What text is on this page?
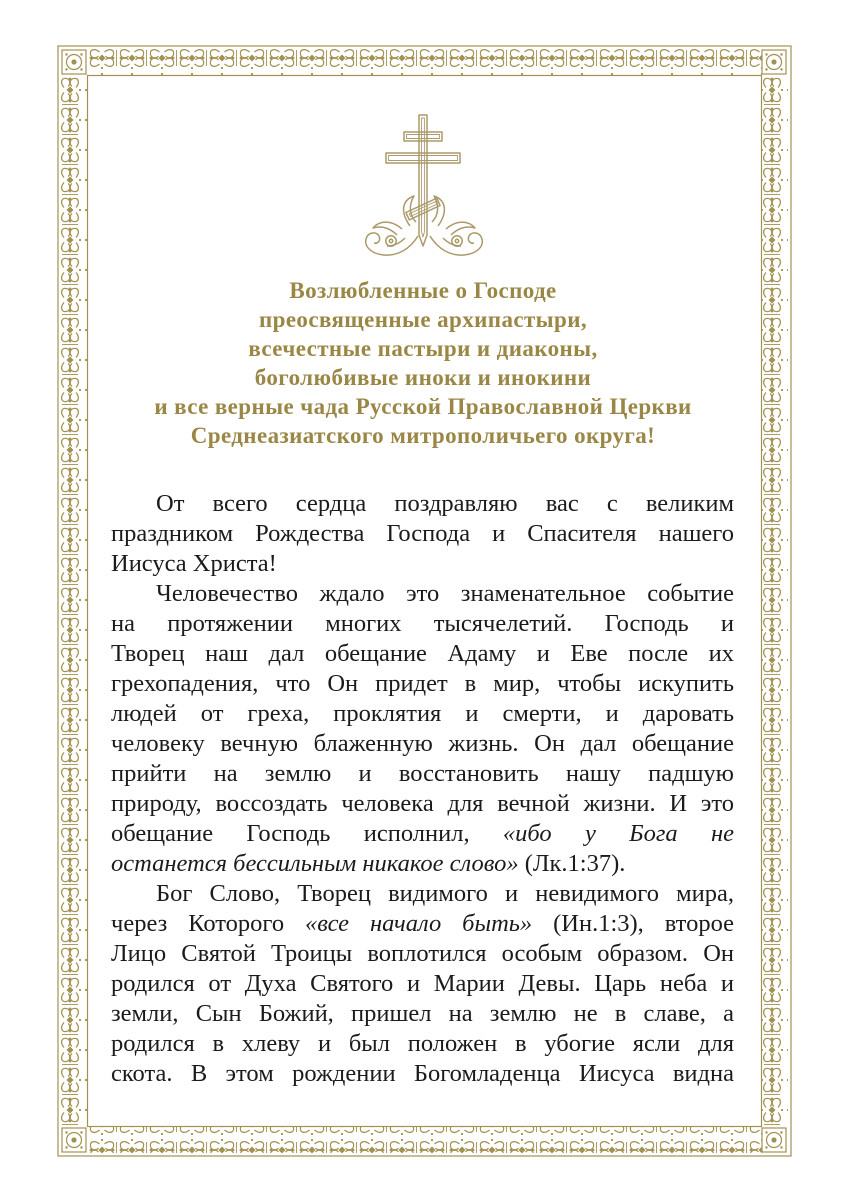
Возлюбленные о Господе
преосвященные архипастыри,
всечестные пастыри и диаконы,
боголюбивые иноки и инокини
и все верные чада Русской Православной Церкви
Среднеазиатского митрополичьего округа!
От всего сердца поздравляю вас с великим
праздником Рождества Господа и Спасителя нашего
Иисуса Христа!
Человечество ждало это знаменательное событие
на протяжении многих тысячелетий. Господь и
Творец наш дал обещание Адаму и Еве после их
грехопадения, что Он придет в мир, чтобы искупить
людей от греха, проклятия и смерти, и даровать
человеку вечную блаженную жизнь. Он дал обещание
прийти на землю и восстановить нашу падшую
природу, воссоздать человека для вечной жизни. И это
обещание Господь исполнил, «ибо у Бога не
останется бессильным никакое слово» (Лк.1:37).
Бог Слово, Творец видимого и невидимого мира,
через Которого «все начало быть» (Ин.1:3), второе
Лицо Святой Троицы воплотился особым образом. Он
родился от Духа Святого и Марии Девы. Царь неба и
земли, Сын Божий, пришел на землю не в славе, а
родился в хлеву и был положен в убогие ясли для
скота. В этом рождении Богомладенца Иисуса видна
